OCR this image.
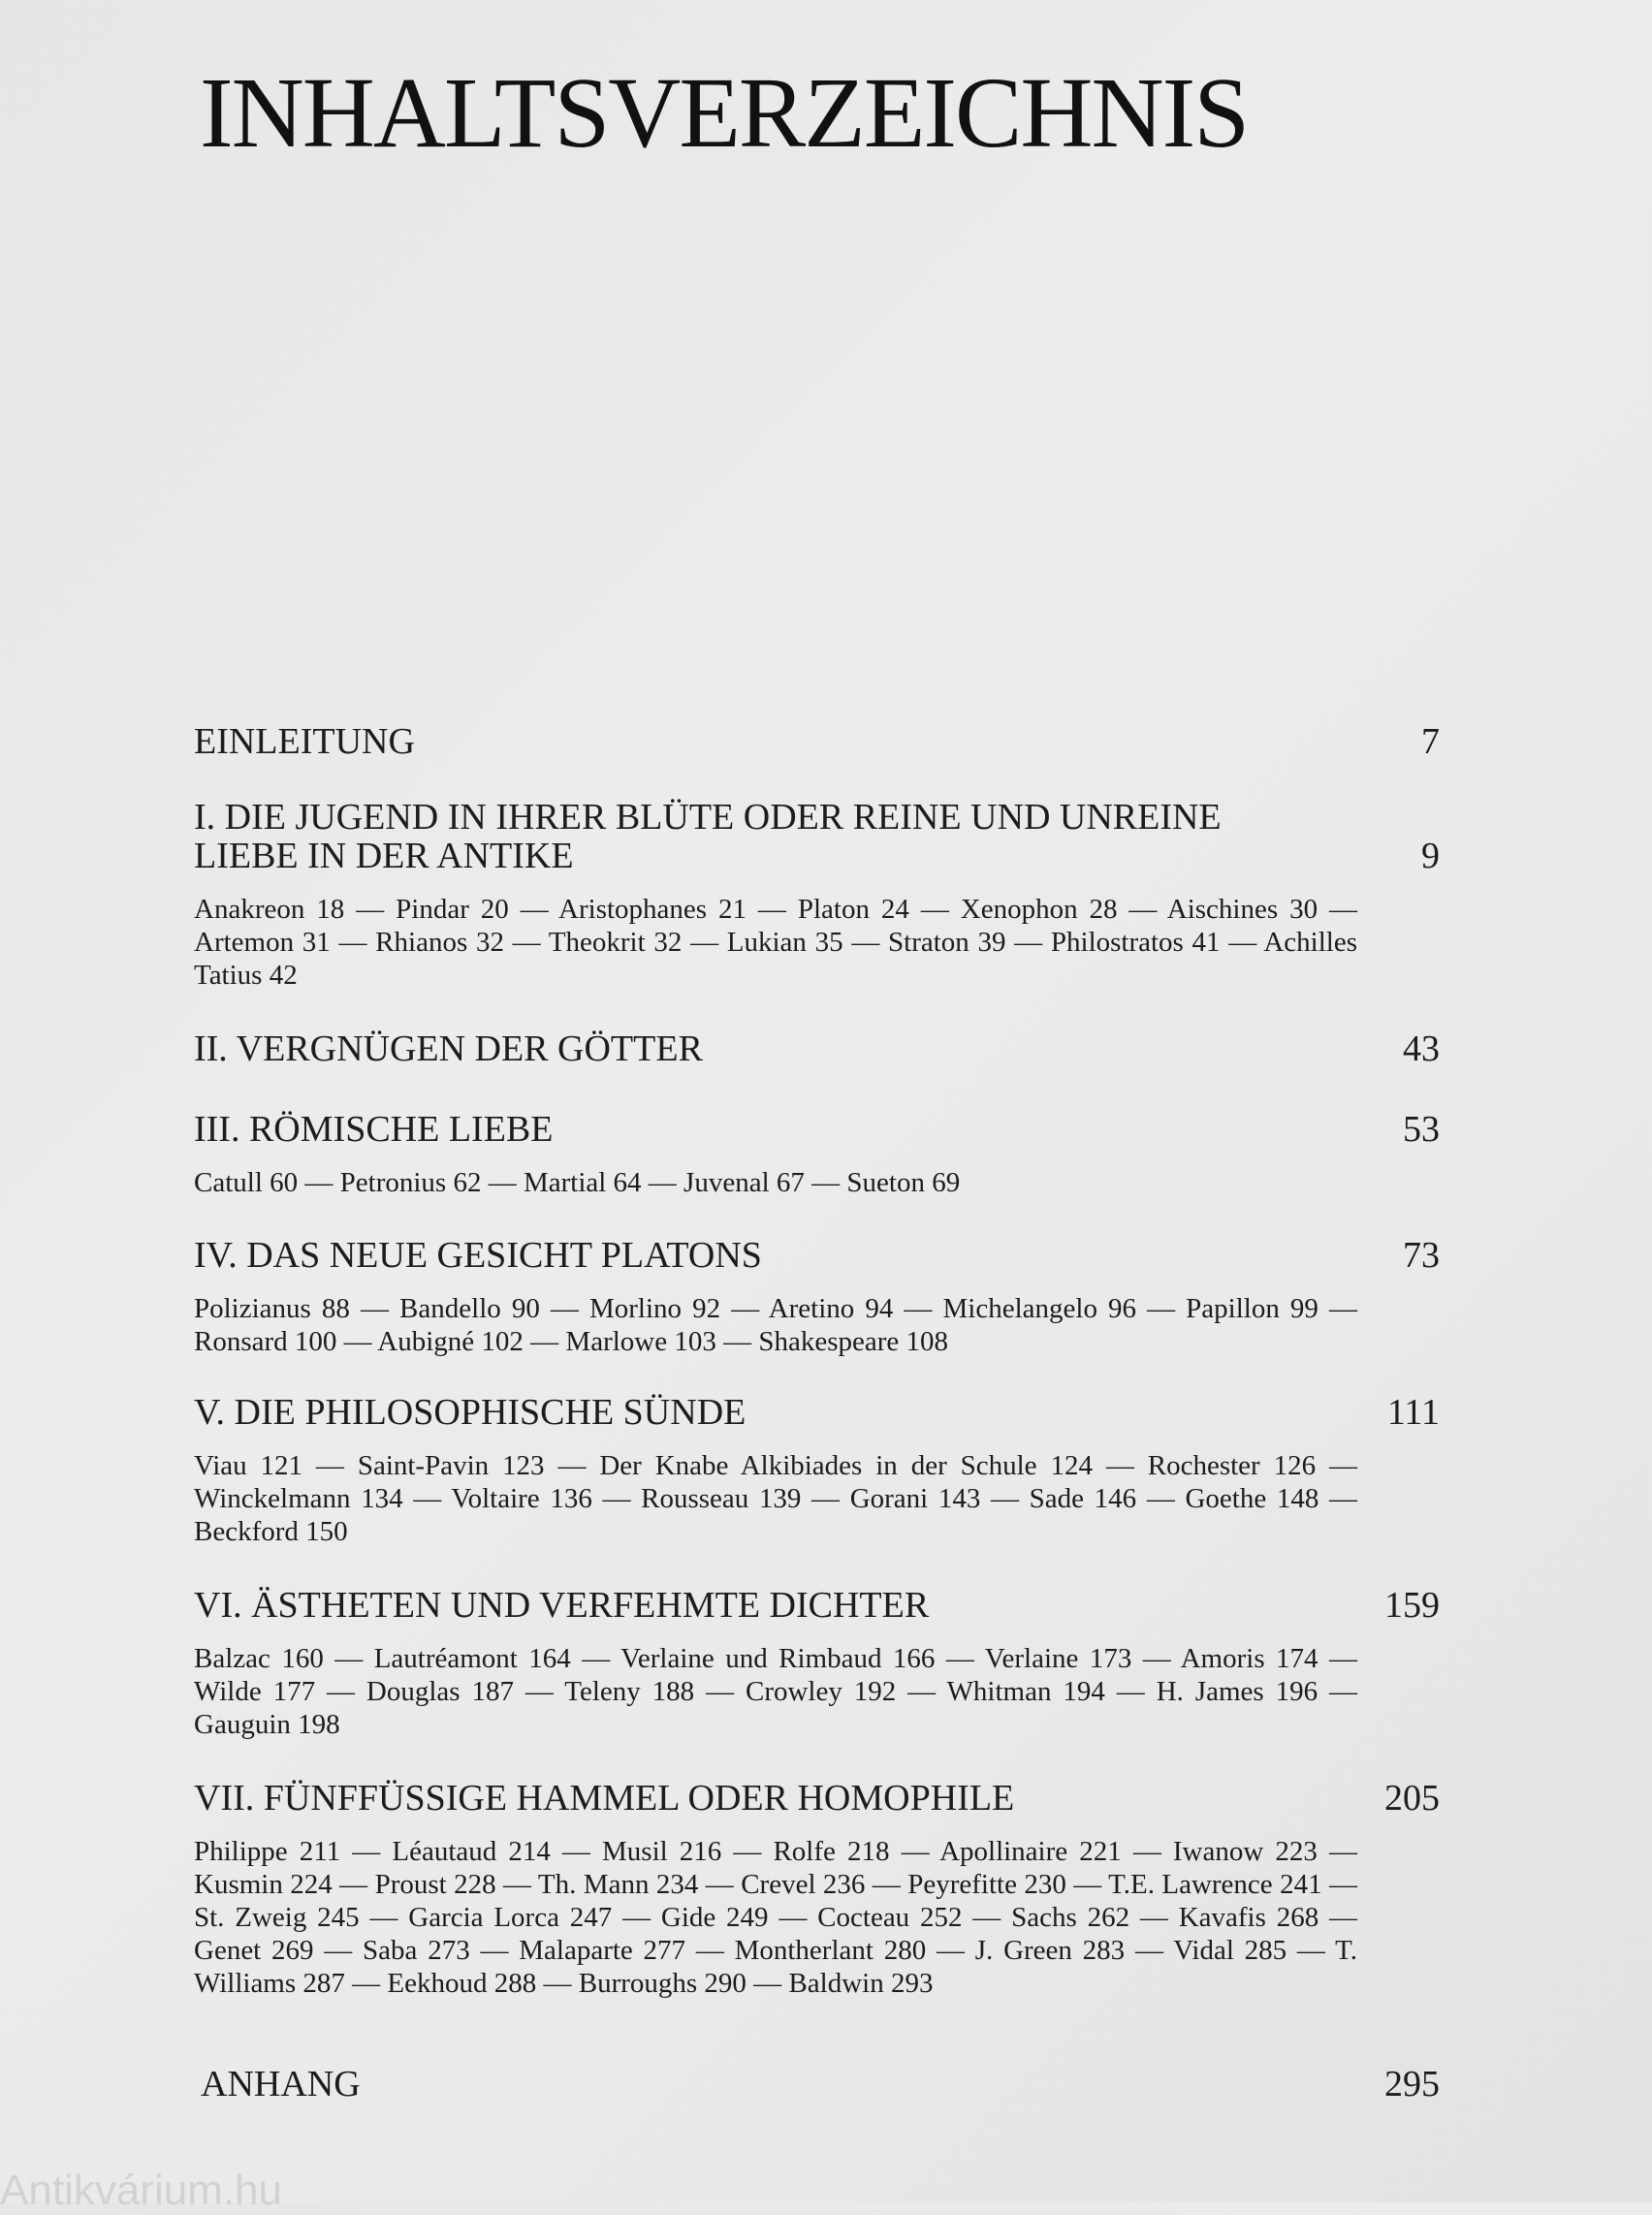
INHALTSVERZEICHNIS
EINLEITUNG	7
I. DIE JUGEND IN IHRER BLÜTE ODER REINE UND UNREINE LIEBE IN DER ANTIKE	9
Anakreon 18 — Pindar 20 — Aristophanes 21 — Platon 24 — Xenophon 28 — Aischines 30 — Artemon 31 — Rhianos 32 — Theokrit 32 — Lukian 35 — Straton 39 — Philostratos 41 — Achilles Tatius 42
II. VERGNÜGEN DER GÖTTER	43
III. RÖMISCHE LIEBE	53
Catull 60 — Petronius 62 — Martial 64 — Juvenal 67 — Sueton 69
IV. DAS NEUE GESICHT PLATONS	73
Polizianus 88 — Bandello 90 — Morlino 92 — Aretino 94 — Michelangelo 96 — Papillon 99 — Ronsard 100 — Aubigné 102 — Marlowe 103 — Shakespeare 108
V. DIE PHILOSOPHISCHE SÜNDE	111
Viau 121 — Saint-Pavin 123 — Der Knabe Alkibiades in der Schule 124 — Rochester 126 — Winckelmann 134 — Voltaire 136 — Rousseau 139 — Gorani 143 — Sade 146 — Goethe 148 — Beckford 150
VI. ÄSTHETEN UND VERFEHMTE DICHTER	159
Balzac 160 — Lautréamont 164 — Verlaine und Rimbaud 166 — Verlaine 173 — Amoris 174 — Wilde 177 — Douglas 187 — Teleny 188 — Crowley 192 — Whitman 194 — H. James 196 — Gauguin 198
VII. FÜNFFÜSSIGE HAMMEL ODER HOMOPHILE	205
Philippe 211 — Léautaud 214 — Musil 216 — Rolfe 218 — Apollinaire 221 — Iwanow 223 — Kusmin 224 — Proust 228 — Th. Mann 234 — Crevel 236 — Peyrefitte 230 — T.E. Lawrence 241 — St. Zweig 245 — Garcia Lorca 247 — Gide 249 — Cocteau 252 — Sachs 262 — Kavafis 268 — Genet 269 — Saba 273 — Malaparte 277 — Montherlant 280 — J. Green 283 — Vidal 285 — T. Williams 287 — Eekhoud 288 — Burroughs 290 — Baldwin 293
ANHANG	295
Antikvárium.hu
